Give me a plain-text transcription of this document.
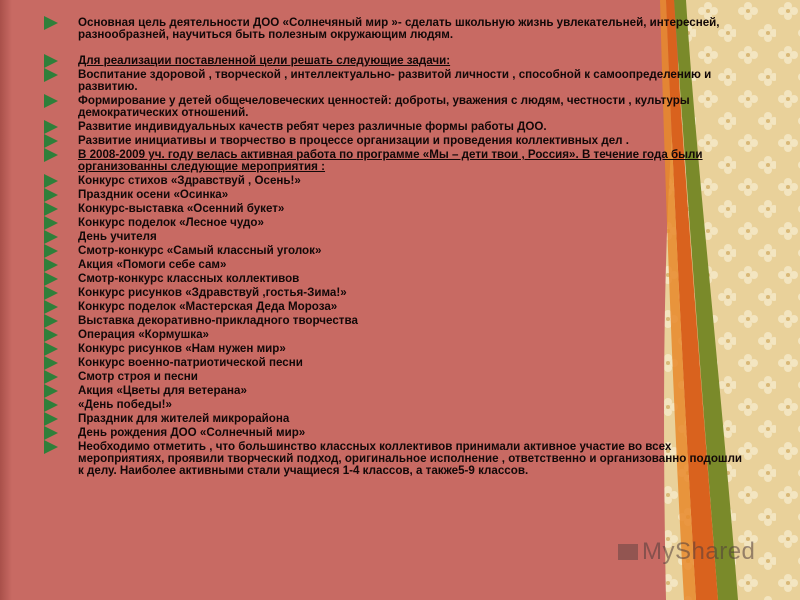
Основная цель деятельности ДОО «Солнечяный мир »- сделать школьную жизнь увлекательней, интересней, разнообразней, научиться быть полезным окружающим людям.

Для реализации поставленной цели решать следующие задачи:

Воспитание здоровой , творческой , интеллектуально- развитой личности , способной к самоопределению и развитию.

Формирование у детей общечеловеческих ценностей: доброты, уважения с людям, честности , культуры демократических отношений.

Развитие индивидуальных качеств ребят через различные формы работы ДОО.

Развитие инициативы и творчество в процессе организации и проведения коллективных дел .

В 2008-2009 уч. году велась активная работа по программе «Мы – дети твои , Россия». В течение года были организованны следующие мероприятия :

Конкурс стихов «Здравствуй , Осень!»

Праздник осени «Осинка»

Конкурс-выставка «Осенний букет»

Конкурс поделок «Лесное чудо»

День учителя

Смотр-конкурс «Самый классный уголок»

Акция «Помоги себе сам»

Смотр-конкурс классных коллективов

Конкурс рисунков «Здравствуй ,гостья-Зима!»

Конкурс поделок «Мастерская Деда Мороза»

Выставка декоративно-прикладного творчества

Операция «Кормушка»

Конкурс рисунков «Нам нужен мир»

Конкурс военно-патриотической песни

Смотр строя и песни

Акция «Цветы для ветерана»

«День победы!»

Праздник для жителей микрорайона

День рождения ДОО «Солнечный мир»

Необходимо отметить , что большинство классных коллективов принимали активное участие во всех мероприятиях, проявили творческий подход, оригинальное исполнение , ответственно и организованно подошли к делу. Наиболее активными стали учащиеся 1-4 классов, а также5-9 классов.

MyShared
